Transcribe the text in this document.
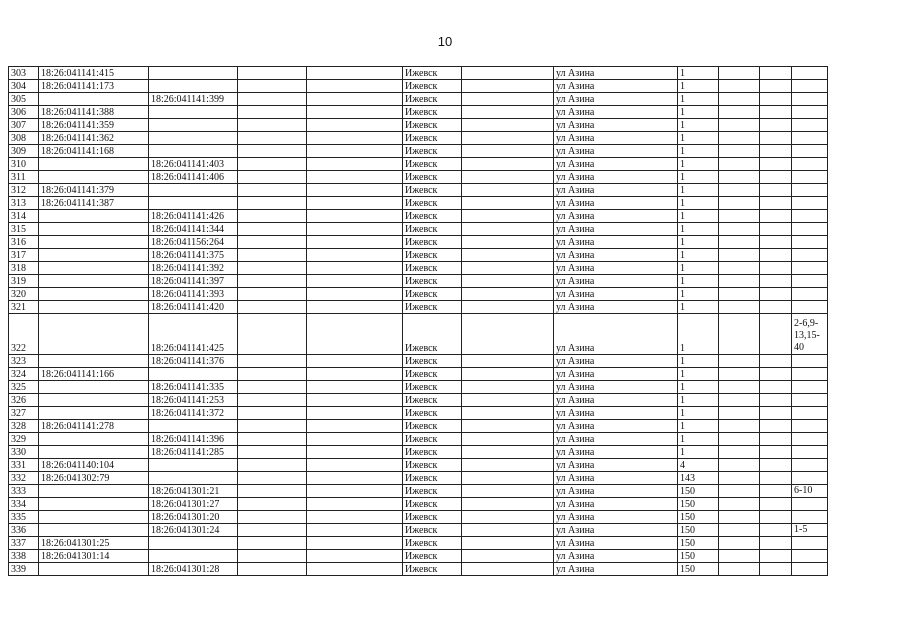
10
303	18:26:041141:415				Ижевск		ул Азина	1			
304	18:26:041141:173				Ижевск		ул Азина	1			
305		18:26:041141:399			Ижевск		ул Азина	1			
306	18:26:041141:388				Ижевск		ул Азина	1			
307	18:26:041141:359				Ижевск		ул Азина	1			
308	18:26:041141:362				Ижевск		ул Азина	1			
309	18:26:041141:168				Ижевск		ул Азина	1			
310		18:26:041141:403			Ижевск		ул Азина	1			
311		18:26:041141:406			Ижевск		ул Азина	1			
312	18:26:041141:379				Ижевск		ул Азина	1			
313	18:26:041141:387				Ижевск		ул Азина	1			
314		18:26:041141:426			Ижевск		ул Азина	1			
315		18:26:041141:344			Ижевск		ул Азина	1			
316		18:26:041156:264			Ижевск		ул Азина	1			
317		18:26:041141:375			Ижевск		ул Азина	1			
318		18:26:041141:392			Ижевск		ул Азина	1			
319		18:26:041141:397			Ижевск		ул Азина	1			
320		18:26:041141:393			Ижевск		ул Азина	1			
321		18:26:041141:420			Ижевск		ул Азина	1			
322		18:26:041141:425			Ижевск		ул Азина	1			2-6,9-13,15-40
323		18:26:041141:376			Ижевск		ул Азина	1			
324	18:26:041141:166				Ижевск		ул Азина	1			
325		18:26:041141:335			Ижевск		ул Азина	1			
326		18:26:041141:253			Ижевск		ул Азина	1			
327		18:26:041141:372			Ижевск		ул Азина	1			
328	18:26:041141:278				Ижевск		ул Азина	1			
329		18:26:041141:396			Ижевск		ул Азина	1			
330		18:26:041141:285			Ижевск		ул Азина	1			
331	18:26:041140:104				Ижевск		ул Азина	4			
332	18:26:041302:79				Ижевск		ул Азина	143			
333		18:26:041301:21			Ижевск		ул Азина	150			6-10
334		18:26:041301:27			Ижевск		ул Азина	150			
335		18:26:041301:20			Ижевск		ул Азина	150			
336		18:26:041301:24			Ижевск		ул Азина	150			1-5
337	18:26:041301:25				Ижевск		ул Азина	150			
338	18:26:041301:14				Ижевск		ул Азина	150			
339		18:26:041301:28			Ижевск		ул Азина	150			
